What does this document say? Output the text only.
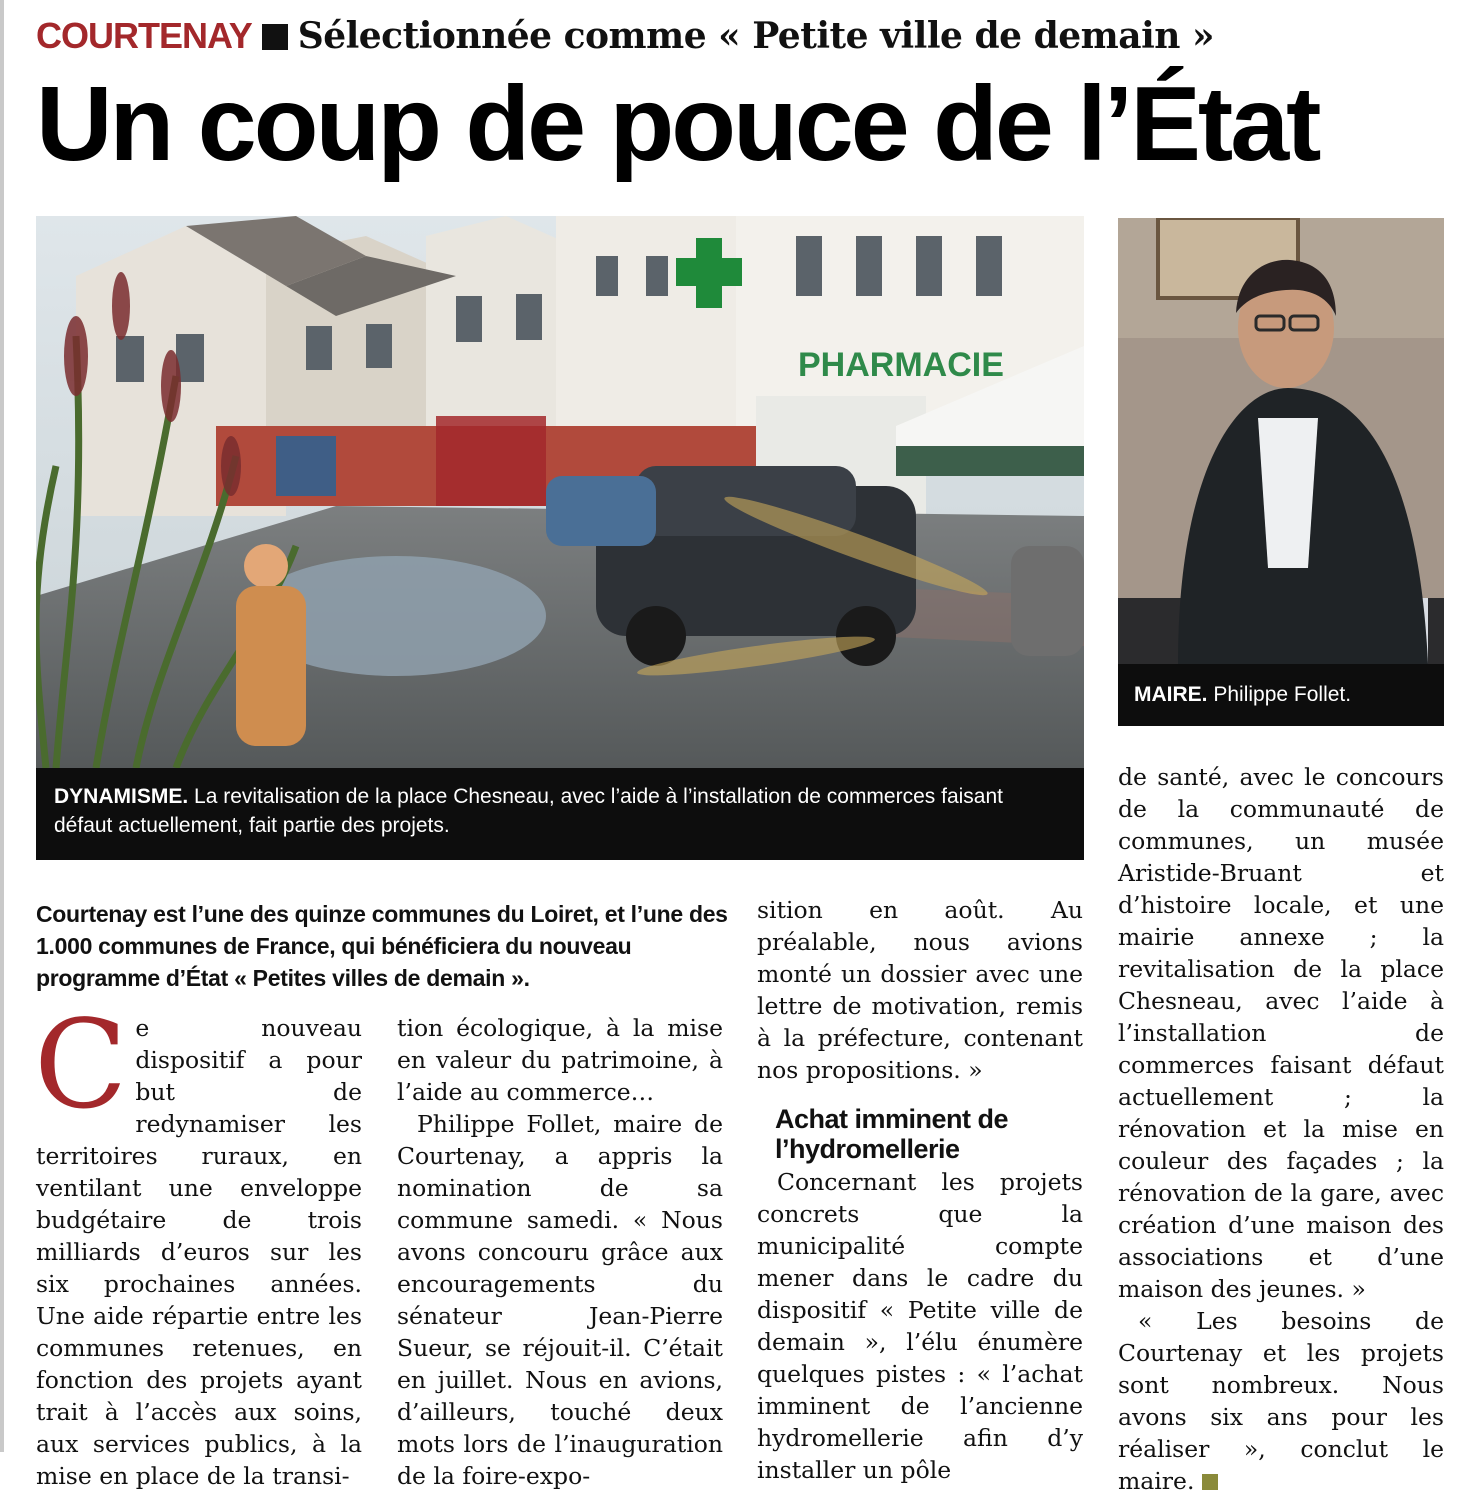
COURTENAY Sélectionnée comme « Petite ville de demain »
Un coup de pouce de l’État
PHARMACIE
DYNAMISME. La revitalisation de la place Chesneau, avec l’aide à l’installation de commerces faisant défaut actuellement, fait partie des projets.
MAIRE. Philippe Follet.

Courtenay est l’une des quinze communes du Loiret, et l’une des 1.000 communes de France, qui bénéficiera du nouveau programme d’État « Petites villes de demain ».

Ce nouveau dispositif a pour but de redynamiser les territoires ruraux, en ventilant une enveloppe budgétaire de trois milliards d’euros sur les six prochaines années. Une aide répartie entre les communes retenues, en fonction des projets ayant trait à l’accès aux soins, aux services publics, à la mise en place de la transi-

tion écologique, à la mise en valeur du patrimoine, à l’aide au commerce…

Philippe Follet, maire de Courtenay, a appris la nomination de sa commune samedi. « Nous avons concouru grâce aux encouragements du sénateur Jean-Pierre Sueur, se réjouit-il. C’était en juillet. Nous en avions, d’ailleurs, touché deux mots lors de l’inauguration de la foire-expo-

sition en août. Au préalable, nous avions monté un dossier avec une lettre de motivation, remis à la préfecture, contenant nos propositions. »

Achat imminent de l’hydromellerie

Concernant les projets concrets que la municipalité compte mener dans le cadre du dispositif « Petite ville de demain », l’élu énumère quelques pistes : « l’achat imminent de l’ancienne hydromellerie afin d’y installer un pôle

de santé, avec le concours de la communauté de communes, un musée Aristide-Bruant et d’histoire locale, et une mairie annexe ; la revitalisation de la place Chesneau, avec l’aide à l’installation de commerces faisant défaut actuellement ; la rénovation et la mise en couleur des façades ; la rénovation de la gare, avec création d’une maison des associations et d’une maison des jeunes. »

« Les besoins de Courtenay et les projets sont nombreux. Nous avons six ans pour les réaliser », conclut le maire.
